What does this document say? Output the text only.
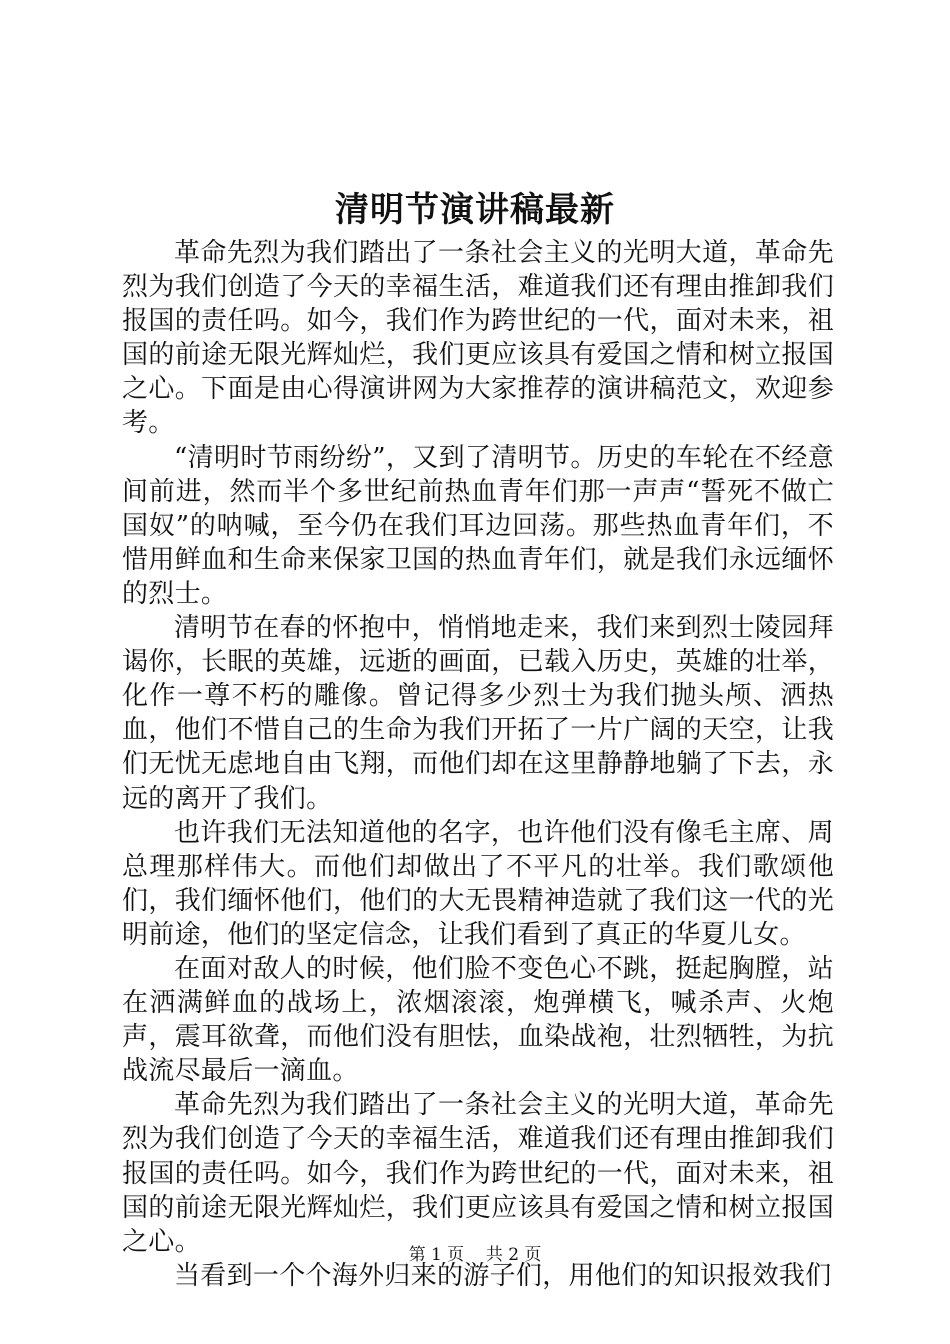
清明节演讲稿最新

革命先烈为我们踏出了一条社会主义的光明大道，革命先烈为我们创造了今天的幸福生活，难道我们还有理由推卸我们报国的责任吗。如今，我们作为跨世纪的一代，面对未来，祖国的前途无限光辉灿烂，我们更应该具有爱国之情和树立报国之心。下面是由心得演讲网为大家推荐的演讲稿范文，欢迎参考。

“清明时节雨纷纷”，又到了清明节。历史的车轮在不经意间前进，然而半个多世纪前热血青年们那一声声“誓死不做亡国奴”的呐喊，至今仍在我们耳边回荡。那些热血青年们，不惜用鲜血和生命来保家卫国的热血青年们，就是我们永远缅怀的烈士。

清明节在春的怀抱中，悄悄地走来，我们来到烈士陵园拜谒你，长眠的英雄，远逝的画面，已载入历史，英雄的壮举，化作一尊不朽的雕像。曾记得多少烈士为我们抛头颅、洒热血，他们不惜自己的生命为我们开拓了一片广阔的天空，让我们无忧无虑地自由飞翔，而他们却在这里静静地躺了下去，永远的离开了我们。

也许我们无法知道他的名字，也许他们没有像毛主席、周总理那样伟大。而他们却做出了不平凡的壮举。我们歌颂他们，我们缅怀他们，他们的大无畏精神造就了我们这一代的光明前途，他们的坚定信念，让我们看到了真正的华夏儿女。

在面对敌人的时候，他们脸不变色心不跳，挺起胸膛，站在洒满鲜血的战场上，浓烟滚滚，炮弹横飞，喊杀声、火炮声，震耳欲聋，而他们没有胆怯，血染战袍，壮烈牺牲，为抗战流尽最后一滴血。

革命先烈为我们踏出了一条社会主义的光明大道，革命先烈为我们创造了今天的幸福生活，难道我们还有理由推卸我们报国的责任吗。如今，我们作为跨世纪的一代，面对未来，祖国的前途无限光辉灿烂，我们更应该具有爱国之情和树立报国之心。

当看到一个个海外归来的游子们，用他们的知识报效我们

第 1 页 共 2 页
